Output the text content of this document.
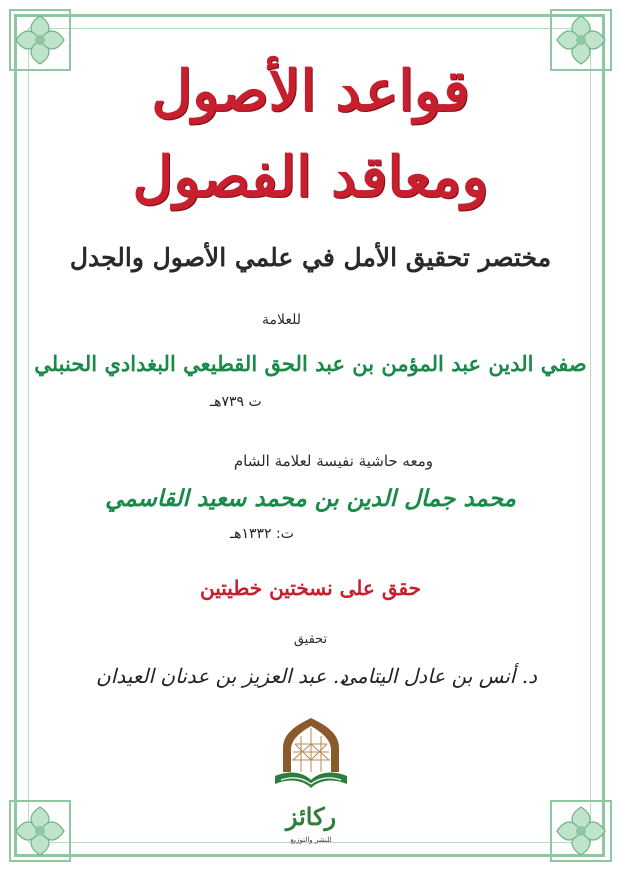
قواعد الأصول
ومعاقد الفصول
مختصر تحقيق الأمل في علمي الأصول والجدل
للعلامة
صفي الدين عبد المؤمن بن عبد الحق القطيعي البغدادي الحنبلي
ت ٧٣٩هـ
ومعه حاشية نفيسة لعلامة الشام
محمد جمال الدين بن محمد سعيد القاسمي
ت: ١٣٣٢هـ
حقق على نسختين خطيتين
تحقيق
د. أنس بن عادل اليتامى
د. عبد العزيز بن عدنان العيدان
ركائز
للنشر والتوزيع
